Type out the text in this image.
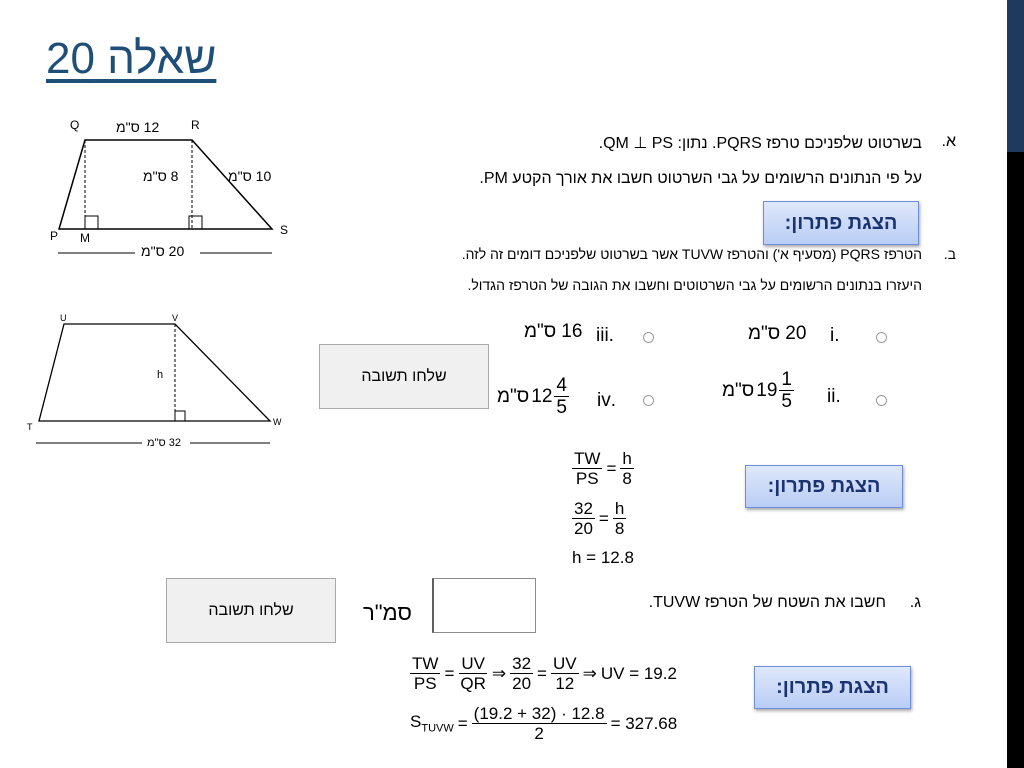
שאלה 20
Q	R
P M
S
12 ס"מ
8 ס"מ	10 ס"מ
20 ס"מ
U	V
T	W
h
32 ס"מ
בשרטוט שלפניכם טרפז PQRS. נתון: QM ⊥ PS. א.
על פי הנתונים הרשומים על גבי השרטוט חשבו את אורך הקטע PM.
הצגת פתרון:
הטרפז PQRS (מסעיף א') והטרפז TUVW אשר בשרטוט שלפניכם דומים זה לזה. ב.
היעזרו בנתונים הרשומים על גבי השרטוטים וחשבו את הגובה של הטרפז הגדול.
.i
ס"מ 20
.iii
ס"מ 16
.ii
ס"מ $19 \frac{1}{5}$
.iv
ס"מ $12 \frac{4}{5}$
שלחו תשובה
$\frac{TW}{PS} = \frac{h}{8}$
$\frac{32}{20} = \frac{h}{8}$
h = 12.8
הצגת פתרון:
חשבו את השטח של הטרפז TUVW. ג.
סמ"ר
שלחו תשובה
$\frac{TW}{PS} = \frac{UV}{QR}$ ⇒ $\frac{32}{20} = \frac{UV}{12}$ ⇒ UV = 19.2
$S_{TUVW} = \frac{(19.2 + 32) \cdot 12.8}{2} = 327.68$
הצגת פתרון:
